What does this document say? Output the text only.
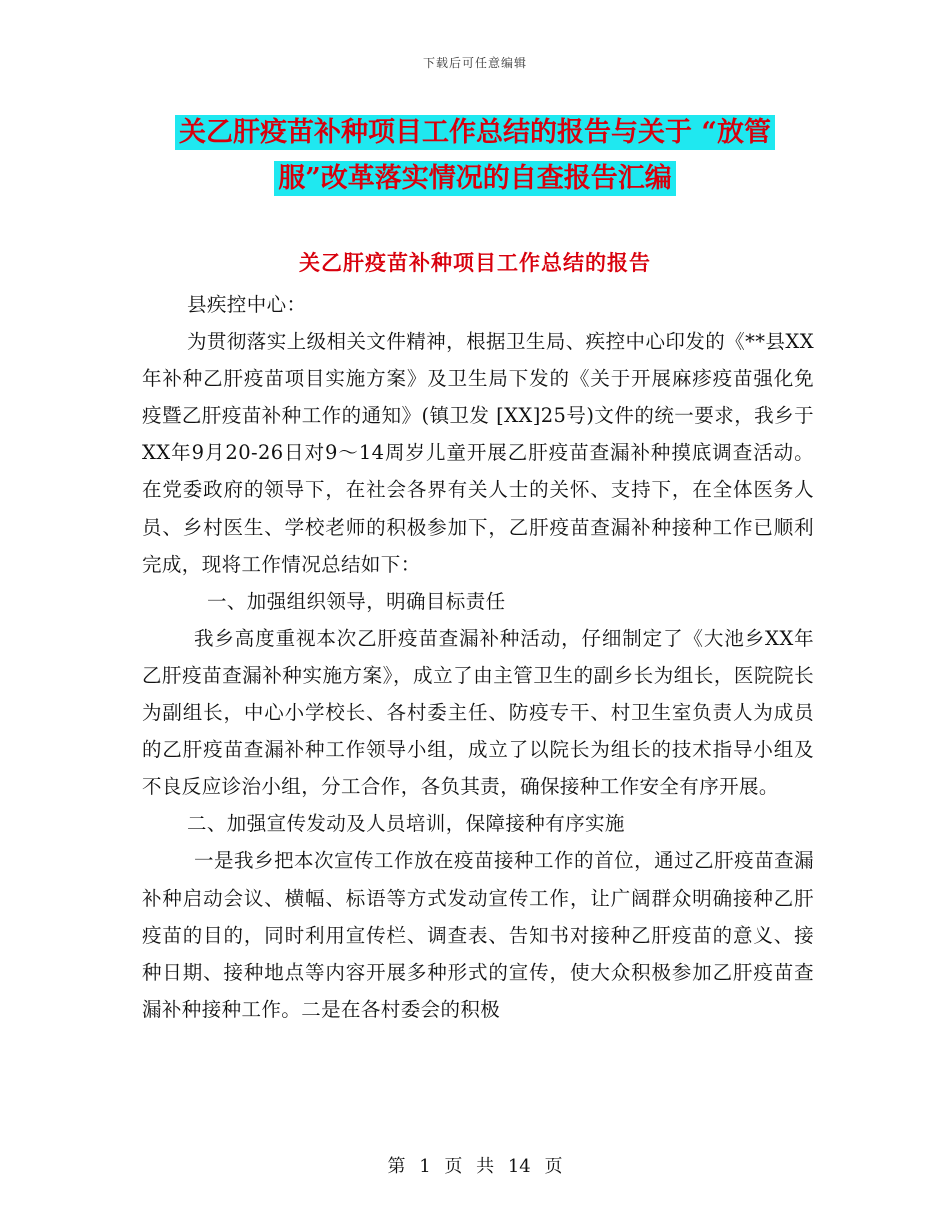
下载后可任意编辑
关乙肝疫苗补种项目工作总结的报告与关于 “放管
服”改革落实情况的自查报告汇编
关乙肝疫苗补种项目工作总结的报告

县疾控中心：

为贯彻落实上级相关文件精神，根据卫生局、疾控中心印发的《**县XX年补种乙肝疫苗项目实施方案》及卫生局下发的《关于开展麻疹疫苗强化免疫暨乙肝疫苗补种工作的通知》(镇卫发 [XX]25号)文件的统一要求，我乡于XX年9月20-26日对9～14周岁儿童开展乙肝疫苗查漏补种摸底调查活动。在党委政府的领导下，在社会各界有关人士的关怀、支持下，在全体医务人员、乡村医生、学校老师的积极参加下，乙肝疫苗查漏补种接种工作已顺利完成，现将工作情况总结如下：

一、加强组织领导，明确目标责任

我乡高度重视本次乙肝疫苗查漏补种活动，仔细制定了《大池乡XX年乙肝疫苗查漏补种实施方案》，成立了由主管卫生的副乡长为组长，医院院长为副组长，中心小学校长、各村委主任、防疫专干、村卫生室负责人为成员的乙肝疫苗查漏补种工作领导小组，成立了以院长为组长的技术指导小组及不良反应诊治小组，分工合作，各负其责，确保接种工作安全有序开展。

二、加强宣传发动及人员培训，保障接种有序实施

一是我乡把本次宣传工作放在疫苗接种工作的首位，通过乙肝疫苗查漏补种启动会议、横幅、标语等方式发动宣传工作，让广阔群众明确接种乙肝疫苗的目的，同时利用宣传栏、调查表、告知书对接种乙肝疫苗的意义、接种日期、接种地点等内容开展多种形式的宣传，使大众积极参加乙肝疫苗查漏补种接种工作。二是在各村委会的积极

第 1 页 共 14 页
